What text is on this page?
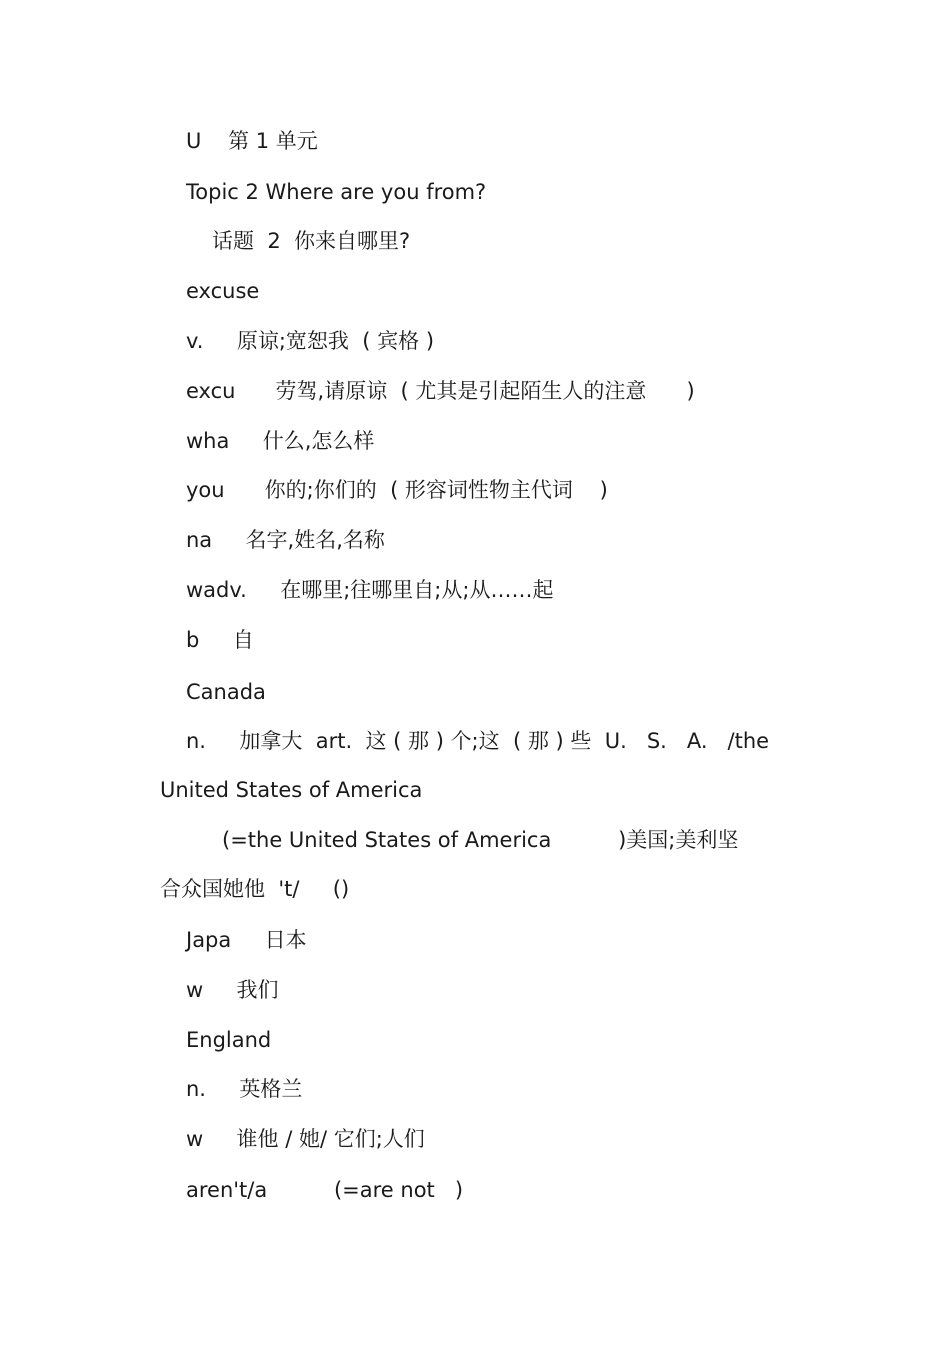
U    第 1 单元
Topic 2 Where are you from?
话题  2  你来自哪里?
excuse
v.     原谅;宽恕我  ( 宾格 )
excu      劳驾,请原谅  ( 尤其是引起陌生人的注意      )
wha     什么,怎么样
you      你的;你们的  ( 形容词性物主代词    )
na     名字,姓名,名称
wadv.     在哪里;往哪里自;从;从……起
b     自
Canada
n.     加拿大  art.  这 ( 那 ) 个;这  ( 那 ) 些  U.   S.   A.   /the
United States of America
(=the United States of America          )美国;美利坚
合众国她他  't/     ()
Japa     日本
w     我们
England
n.     英格兰
w     谁他 / 她/ 它们;人们
aren't/a          (=are not   )
